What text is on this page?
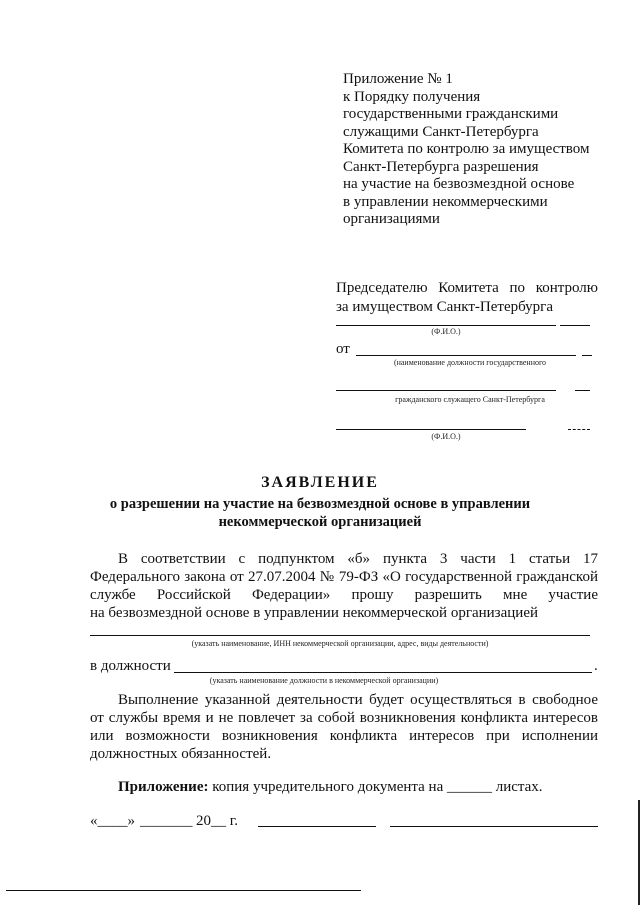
Приложение № 1
к Порядку получения
государственными гражданскими
служащими Санкт-Петербурга
Комитета по контролю за имуществом
Санкт-Петербурга разрешения
на участие на безвозмездной основе
в управлении некоммерческими
организациями
Председателю Комитета по контролю
за имуществом Санкт-Петербурга
(Ф.И.О.)
от
(наименование должности государственного
гражданского служащего Санкт-Петербурга
(Ф.И.О.)
ЗАЯВЛЕНИЕ
о разрешении на участие на безвозмездной основе в управлении
некоммерческой организацией
В соответствии с подпунктом «б» пункта 3 части 1 статьи 17
Федерального закона от 27.07.2004 № 79-ФЗ «О государственной гражданской
службе Российской Федерации» прошу разрешить мне участие
на безвозмездной основе в управлении некоммерческой организацией
(указать наименование, ИНН некоммерческой организации, адрес, виды деятельности)
в должности	.
(указать наименование должности в некоммерческой организации)
Выполнение указанной деятельности будет осуществляться в свободное
от службы время и не повлечет за собой возникновения конфликта интересов
или возможности возникновения конфликта интересов при исполнении
должностных обязанностей.
Приложение: копия учредительного документа на ______ листах.
«____» _______ 20__ г.
